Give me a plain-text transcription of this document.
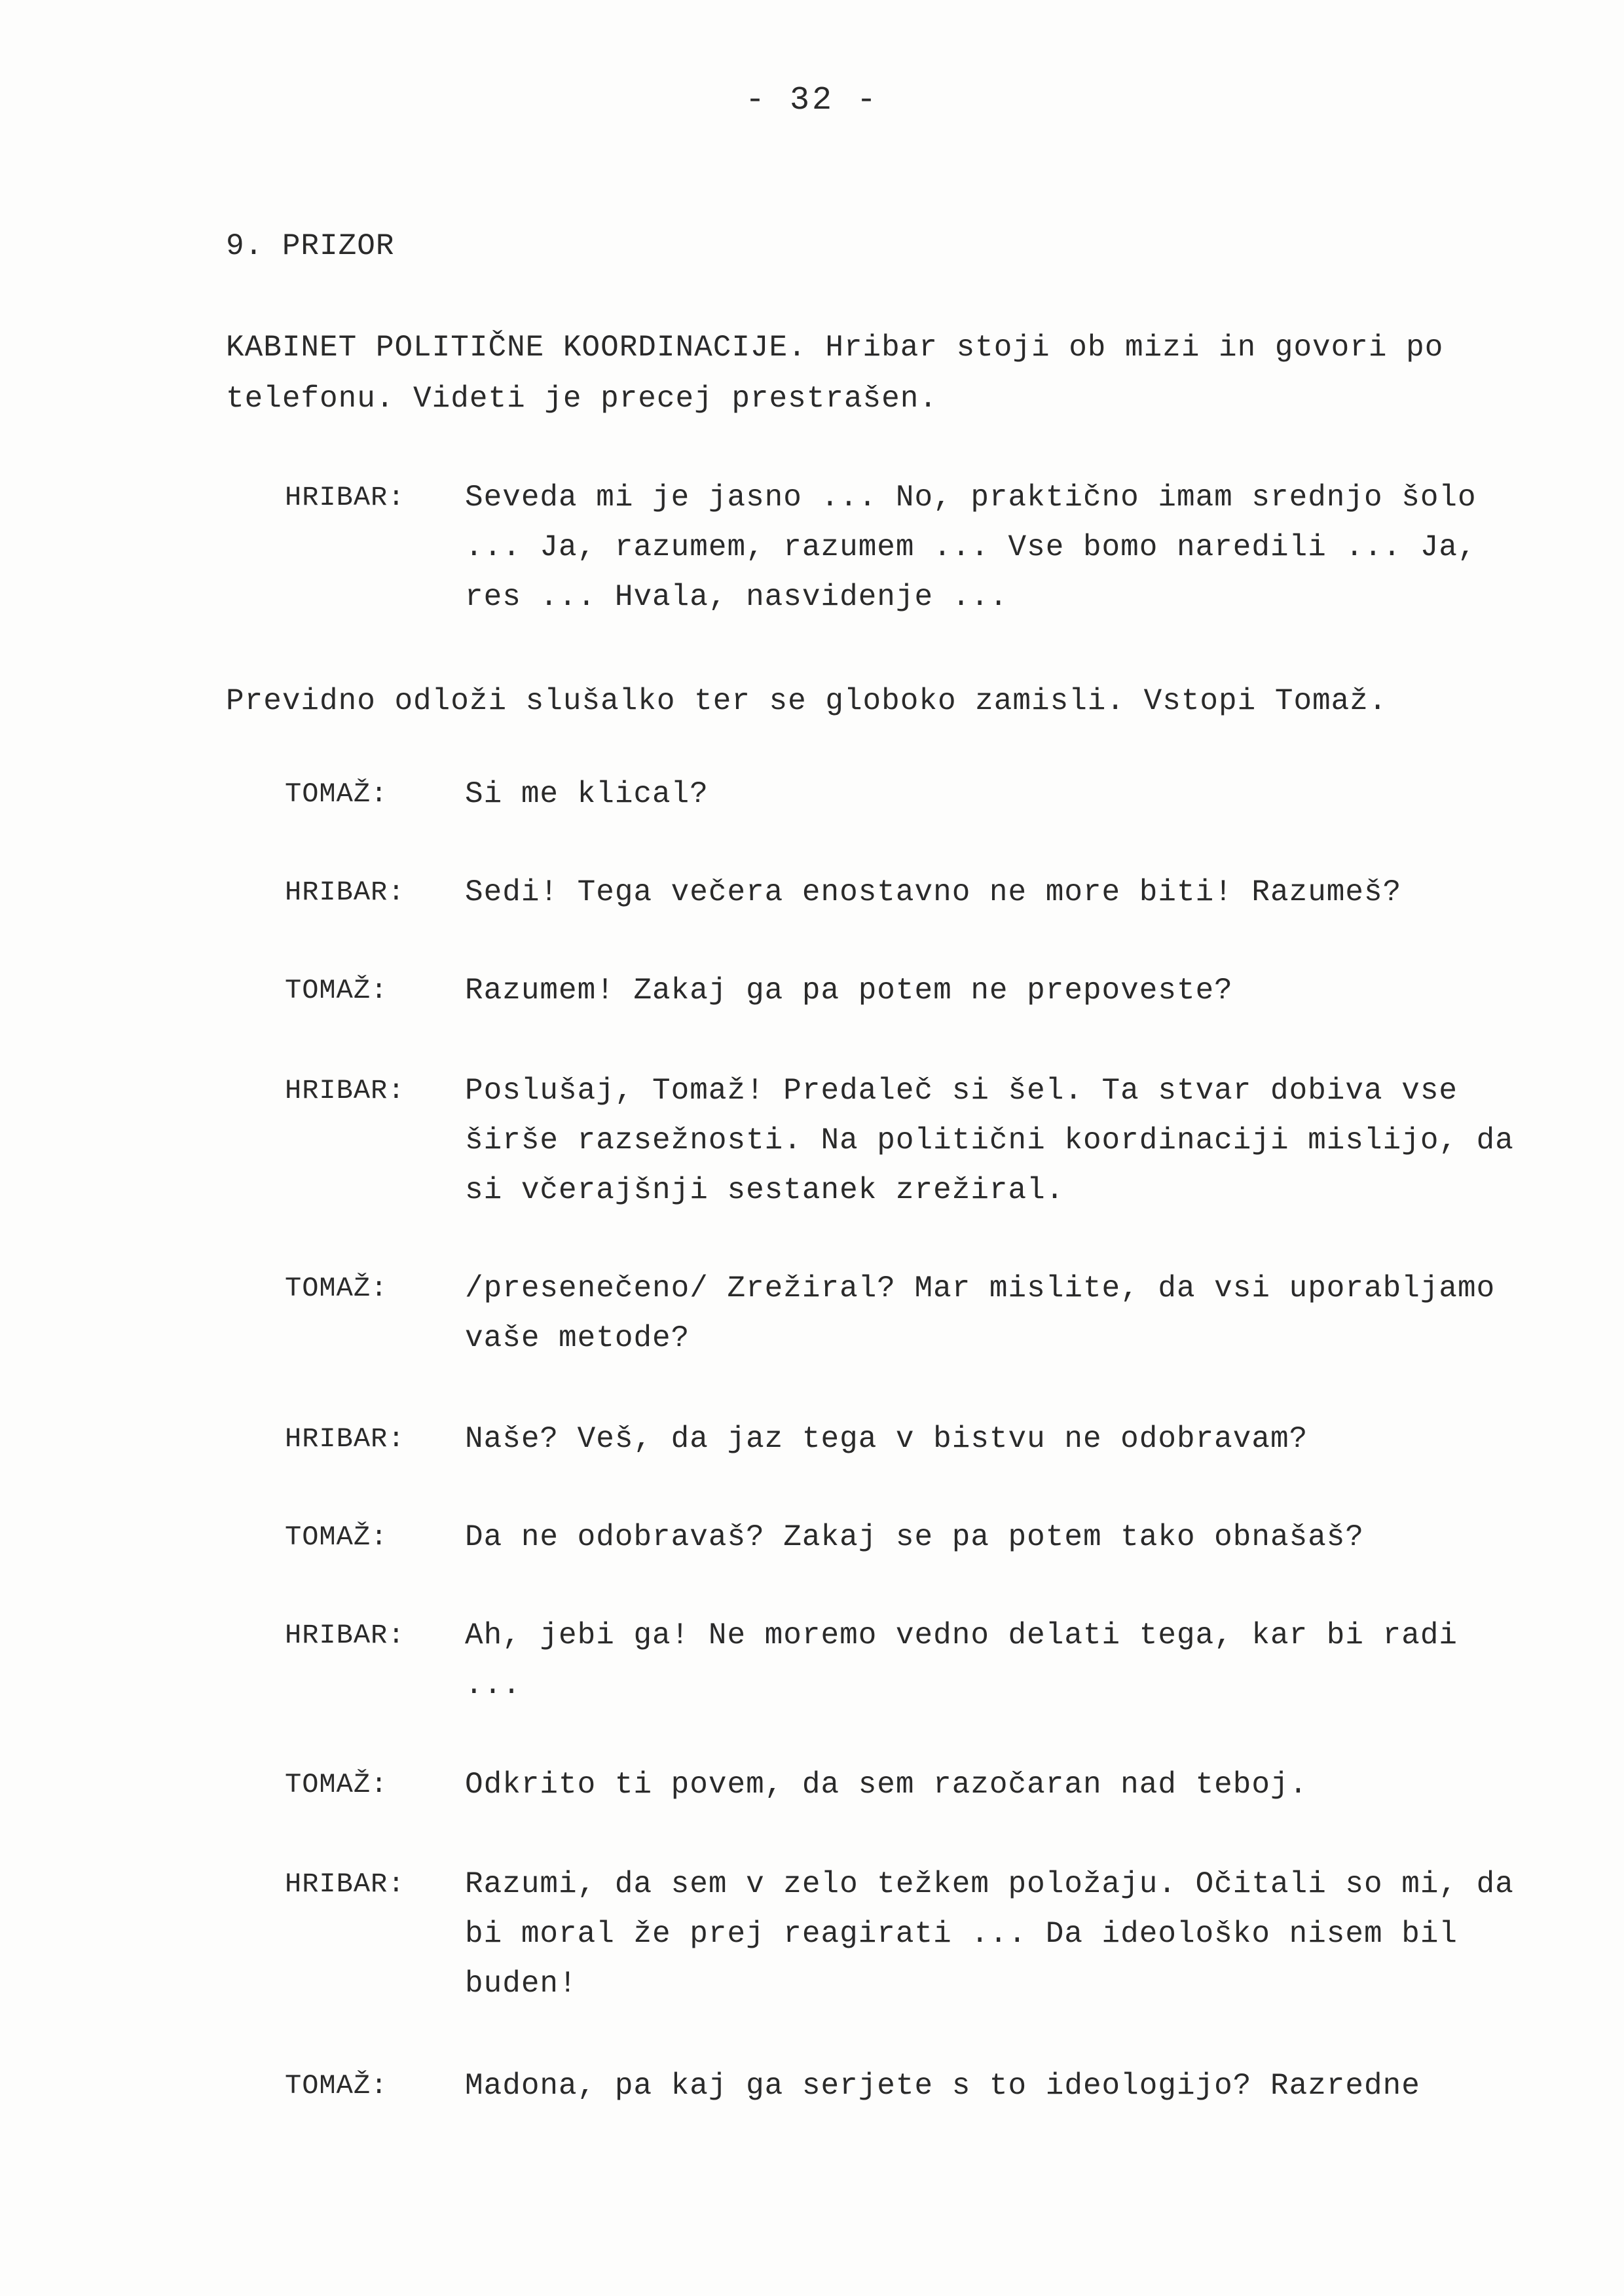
- 32 -
9. PRIZOR
KABINET POLITIČNE KOORDINACIJE. Hribar stoji ob mizi in govori po telefonu. Videti je precej prestrašen.
HRIBAR: Seveda mi je jasno ... No, praktično imam srednjo šolo ... Ja, razumem, razumem ... Vse bomo naredili ... Ja, res ... Hvala, nasvidenje ...
Previdno odloži slušalko ter se globoko zamisli. Vstopi Tomaž.
TOMAŽ:	Si me klical?
HRIBAR: Sedi! Tega večera enostavno ne more biti! Razumeš?
TOMAŽ:	Razumem! Zakaj ga pa potem ne prepoveste?
HRIBAR: Poslušaj, Tomaž! Predaleč si šel. Ta stvar dobiva vse širše razsežnosti. Na politični koordinaciji mislijo, da si včerajšnji sestanek zrežiral.
TOMAŽ:	/presenečeno/ Zrežiral? Mar mislite, da vsi uporabljamo vaše metode?
HRIBAR: Naše? Veš, da jaz tega v bistvu ne odobravam?
TOMAŽ:	Da ne odobravaš? Zakaj se pa potem tako obnašaš?
HRIBAR: Ah, jebi ga! Ne moremo vedno delati tega, kar bi radi ...
TOMAŽ:	Odkrito ti povem, da sem razočaran nad teboj.
HRIBAR: Razumi, da sem v zelo težkem položaju. Očitali so mi, da bi moral že prej reagirati ... Da ideološko nisem bil buden!
TOMAŽ:	Madona, pa kaj ga serjete s to ideologijo? Razredne
